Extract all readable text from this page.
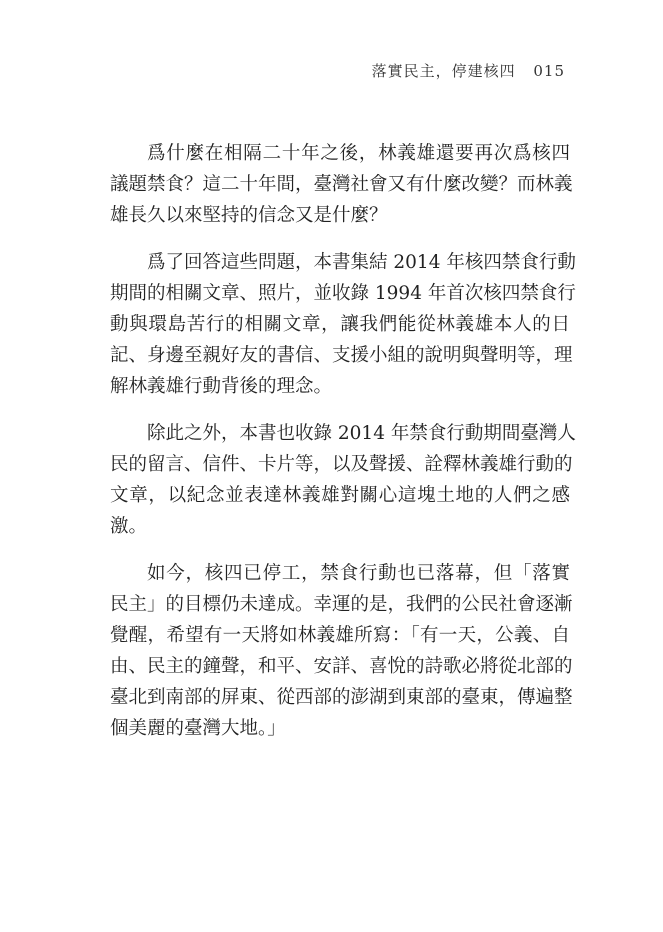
落實民主，停建核四 015
爲什麼在相隔二十年之後，林義雄還要再次爲核四
議題禁食？這二十年間，臺灣社會又有什麼改變？而林義
雄長久以來堅持的信念又是什麼？
爲了回答這些問題，本書集結 2014 年核四禁食行動
期間的相關文章、照片，並收錄 1994 年首次核四禁食行
動與環島苦行的相關文章，讓我們能從林義雄本人的日
記、身邊至親好友的書信、支援小組的說明與聲明等，理
解林義雄行動背後的理念。
除此之外，本書也收錄 2014 年禁食行動期間臺灣人
民的留言、信件、卡片等，以及聲援、詮釋林義雄行動的
文章，以紀念並表達林義雄對關心這塊土地的人們之感
激。
如今，核四已停工，禁食行動也已落幕，但「落實
民主」的目標仍未達成。幸運的是，我們的公民社會逐漸
覺醒，希望有一天將如林義雄所寫：「有一天，公義、自
由、民主的鐘聲，和平、安詳、喜悅的詩歌必將從北部的
臺北到南部的屏東、從西部的澎湖到東部的臺東，傳遍整
個美麗的臺灣大地。」
